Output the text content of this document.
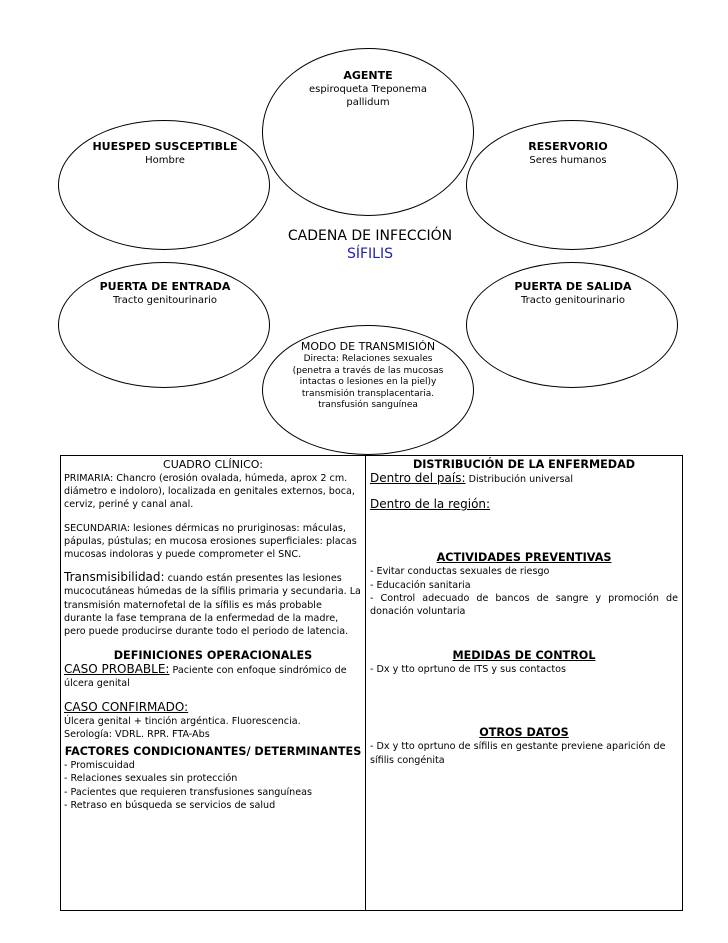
AGENTE
espiroqueta Treponema
pallidum
HUESPED SUSCEPTIBLE
Hombre
RESERVORIO
Seres humanos
CADENA DE INFECCIÓN
SÍFILIS
PUERTA DE ENTRADA
Tracto genitourinario
PUERTA DE SALIDA
Tracto genitourinario
MODO DE TRANSMISIÓN
Directa: Relaciones sexuales
(penetra a través de las mucosas
intactas o lesiones en la piel)y
transmisión transplacentaria.
transfusión sanguínea
CUADRO CLÍNICO:

PRIMARIA: Chancro (erosión ovalada, húmeda, aprox 2 cm. diámetro e indoloro), localizada en genitales externos, boca, cerviz, periné y canal anal.

SECUNDARIA: lesiones dérmicas no pruriginosas: máculas, pápulas, pústulas; en mucosa erosiones superficiales: placas mucosas indoloras y puede comprometer el SNC.

Transmisibilidad: cuando están presentes las lesiones mucocutáneas húmedas de la sífilis primaria y secundaria. La transmisión maternofetal de la sífilis es más probable durante la fase temprana de la enfermedad de la madre, pero puede producirse durante todo el periodo de latencia.

DEFINICIONES OPERACIONALES

CASO PROBABLE: Paciente con enfoque sindrómico de úlcera genital

CASO CONFIRMADO:

Úlcera genital + tinción argéntica. Fluorescencia.
Serología: VDRL. RPR. FTA-Abs
FACTORES CONDICIONANTES/ DETERMINANTES
- Promiscuidad
- Relaciones sexuales sin protección
- Pacientes que requieren transfusiones sanguíneas
- Retraso en búsqueda se servicios de salud
DISTRIBUCIÓN DE LA ENFERMEDAD

Dentro del país: Distribución universal

Dentro de la región:

ACTIVIDADES PREVENTIVAS
- Evitar conductas sexuales de riesgo
- Educación sanitaria
- Control adecuado de bancos de sangre y promoción de donación voluntaria
MEDIDAS DE CONTROL
- Dx y tto oprtuno de ITS y sus contactos
OTROS DATOS
- Dx y tto oprtuno de sífilis en gestante previene aparición de sífilis congénita
